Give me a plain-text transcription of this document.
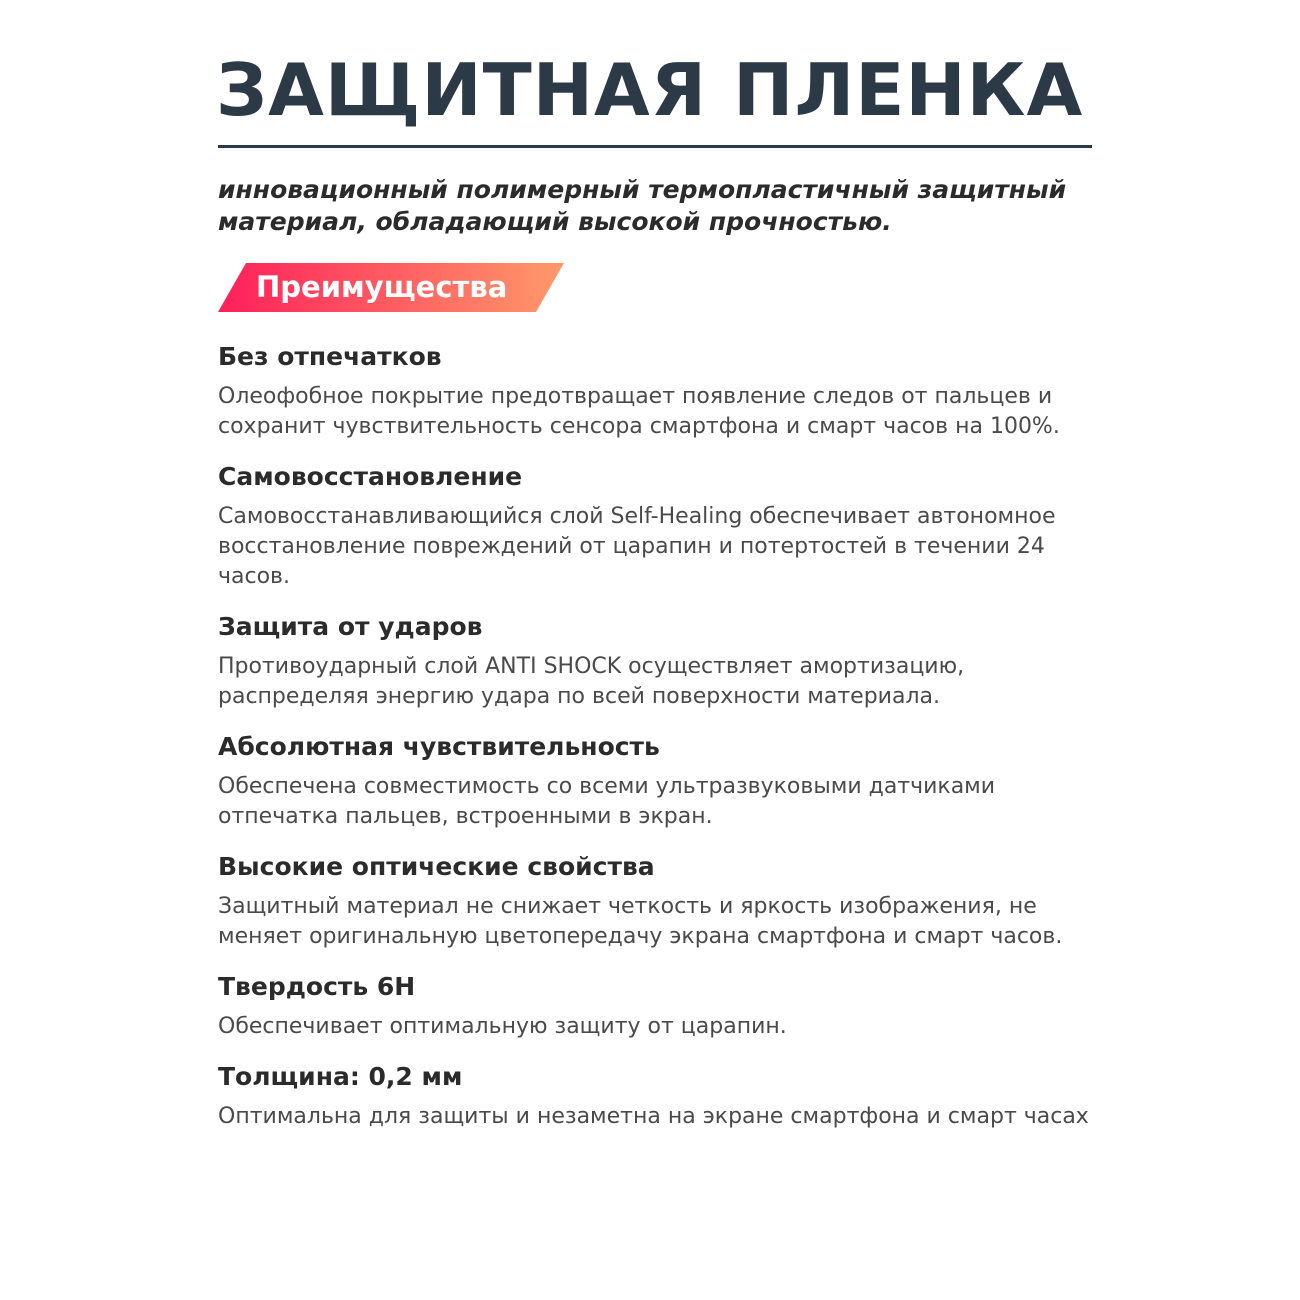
ЗАЩИТНАЯ ПЛЕНКА

инновационный полимерный термопластичный защитный материал, обладающий высокой прочностью.

Преимущества
Без отпечатков

Олеофобное покрытие предотвращает появление следов от пальцев и сохранит чувствительность сенсора смартфона и смарт часов на 100%.

Самовосстановление

Самовосстанавливающийся слой Self-Healing обеспечивает автономное восстановление повреждений от царапин и потертостей в течении 24 часов.

Защита от ударов

Противоударный слой ANTI SHOCK осуществляет амортизацию, распределяя энергию удара по всей поверхности материала.

Абсолютная чувствительность

Обеспечена совместимость со всеми ультразвуковыми датчиками отпечатка пальцев, встроенными в экран.

Высокие оптические свойства

Защитный материал не снижает четкость и яркость изображения, не меняет оригинальную цветопередачу экрана смартфона и смарт часов.

Твердость 6H

Обеспечивает оптимальную защиту от царапин.

Толщина: 0,2 мм

Оптимальна для защиты и незаметна на экране смартфона и смарт часах
